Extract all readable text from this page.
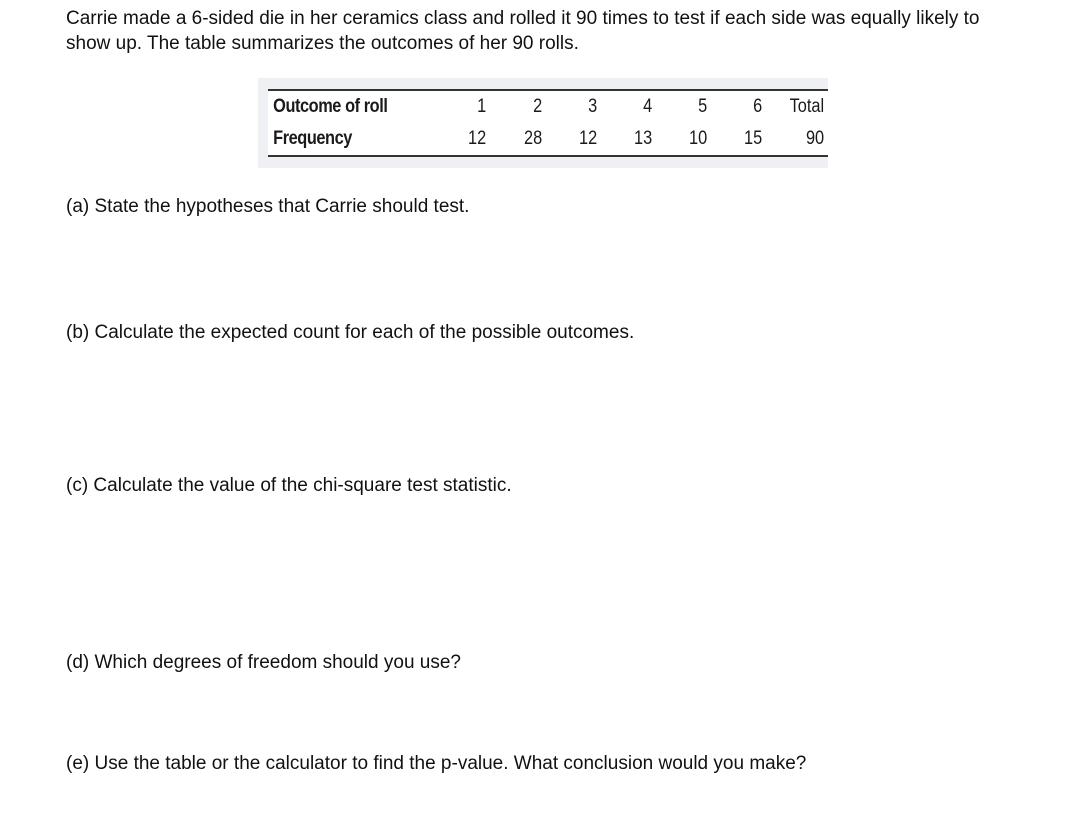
Carrie made a 6-sided die in her ceramics class and rolled it 90 times to test if each side was equally likely to show up. The table summarizes the outcomes of her 90 rolls.

Outcome of roll	1	2	3	4	5	6	Total
Frequency	12	28	12	13	10	15	90

(a) State the hypotheses that Carrie should test.

(b) Calculate the expected count for each of the possible outcomes.

(c) Calculate the value of the chi-square test statistic.

(d) Which degrees of freedom should you use?

(e) Use the table or the calculator to find the p-value. What conclusion would you make?
